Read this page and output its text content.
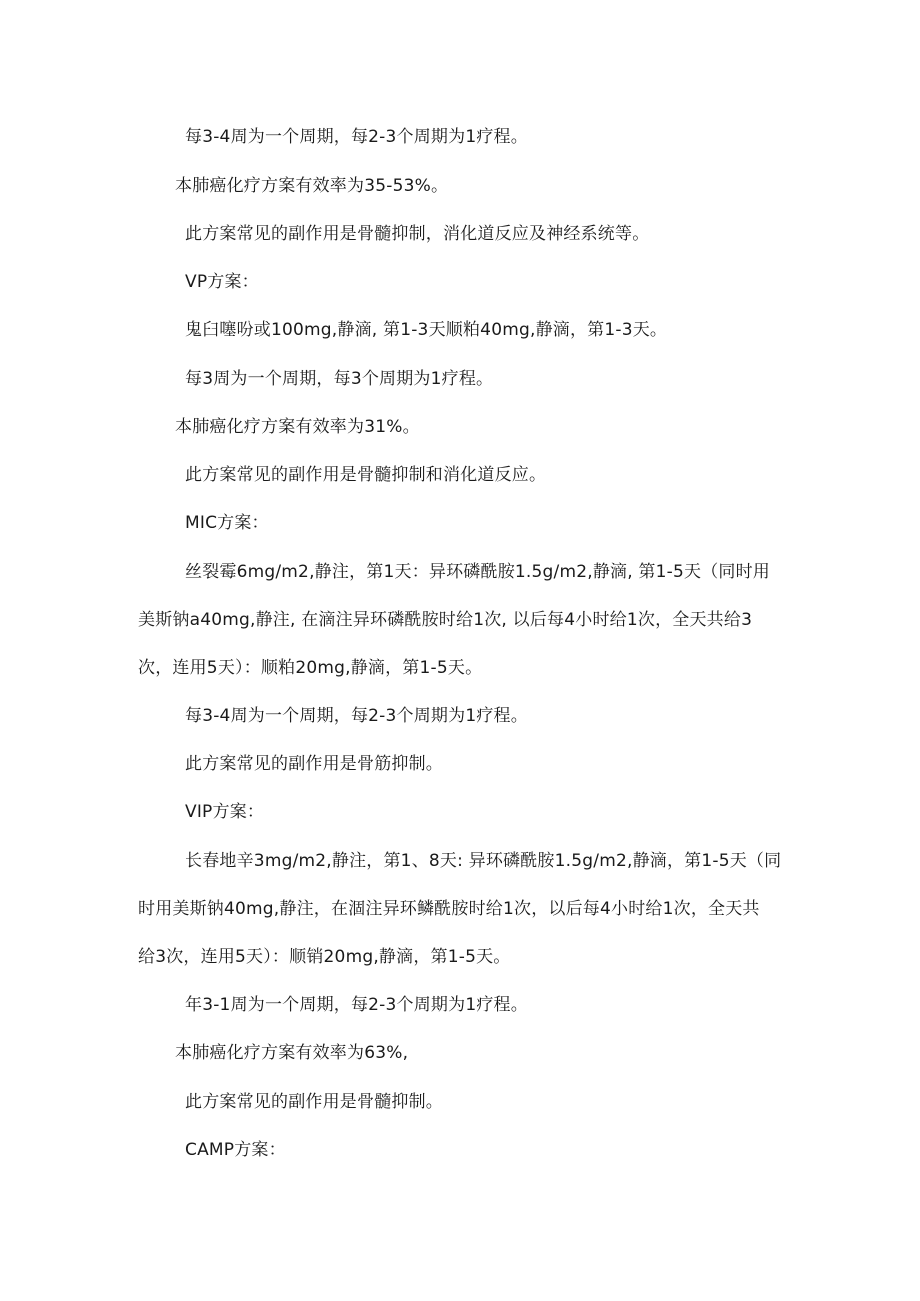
每3-4周为一个周期，每2-3个周期为1疗程。
本肺癌化疗方案有效率为35-53%。
此方案常见的副作用是骨髓抑制，消化道反应及神经系统等。
VP方案：
鬼臼噻吩或100mg,静滴, 第1-3天顺粕40mg,静滴，第1-3天。
每3周为一个周期，每3个周期为1疗程。
本肺癌化疗方案有效率为31%。
此方案常见的副作用是骨髓抑制和消化道反应。
MIC方案：
丝裂霉6mg/m2,静注，第1天：异环磷酰胺1.5g/m2,静滴, 第1-5天（同时用
美斯钠a40mg,静注, 在滴注异环磷酰胺时给1次, 以后每4小时给1次，全天共给3
次，连用5天）：顺粕20mg,静滴，第1-5天。
每3-4周为一个周期，每2-3个周期为1疗程。
此方案常见的副作用是骨筋抑制。
VIP方案：
长春地辛3mg/m2,静注，第1、8天: 异环磷酰胺1.5g/m2,静滴，第1-5天（同
时用美斯钠40mg,静注，在涸注异环鳞酰胺时给1次，以后每4小时给1次，全天共
给3次，连用5天）：顺销20mg,静滴，第1-5天。
年3-1周为一个周期，每2-3个周期为1疗程。
本肺癌化疗方案有效率为63%,
此方案常见的副作用是骨髓抑制。
CAMP方案：
